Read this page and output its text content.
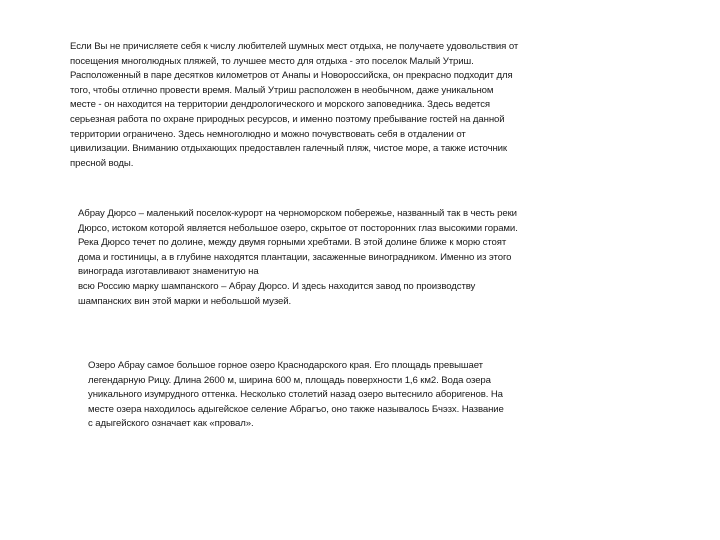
Если Вы не причисляете себя к числу любителей шумных мест отдыха, не получаете удовольствия от
посещения многолюдных пляжей, то лучшее место для отдыха - это поселок Малый Утриш.
Расположенный в паре десятков километров от Анапы и Новороссийска, он прекрасно подходит для
того, чтобы отлично провести время. Малый Утриш расположен в необычном, даже уникальном
месте - он находится на территории дендрологического и морского заповедника. Здесь ведется
серьезная работа по охране природных ресурсов, и именно поэтому пребывание гостей на данной
территории ограничено. Здесь немноголюдно и можно почувствовать себя в отдалении от
цивилизации. Вниманию отдыхающих предоставлен галечный пляж, чистое море, а также источник
пресной воды.

Абрау Дюрсо – маленький поселок-курорт на черноморском побережье, названный так в честь реки
Дюрсо, истоком которой является небольшое озеро, скрытое от посторонних глаз высокими горами.
Река Дюрсо течет по долине, между двумя горными хребтами. В этой долине ближе к морю стоят
дома и гостиницы, а в глубине находятся плантации, засаженные виноградником. Именно из этого
винограда изготавливают знаменитую на
всю Россию марку шампанского – Абрау Дюрсо. И здесь находится завод по производству
шампанских вин этой марки и небольшой музей.

Озеро Абрау самое большое горное озеро Краснодарского края. Его площадь превышает
легендарную Рицу. Длина 2600 м, ширина 600 м, площадь поверхности 1,6 км2. Вода озера
уникального изумрудного оттенка. Несколько столетий назад озеро вытеснило аборигенов. На
месте озера находилось адыгейское селение Абрагъо, оно также называлось Бчэзх. Название
с адыгейского означает как «провал».
